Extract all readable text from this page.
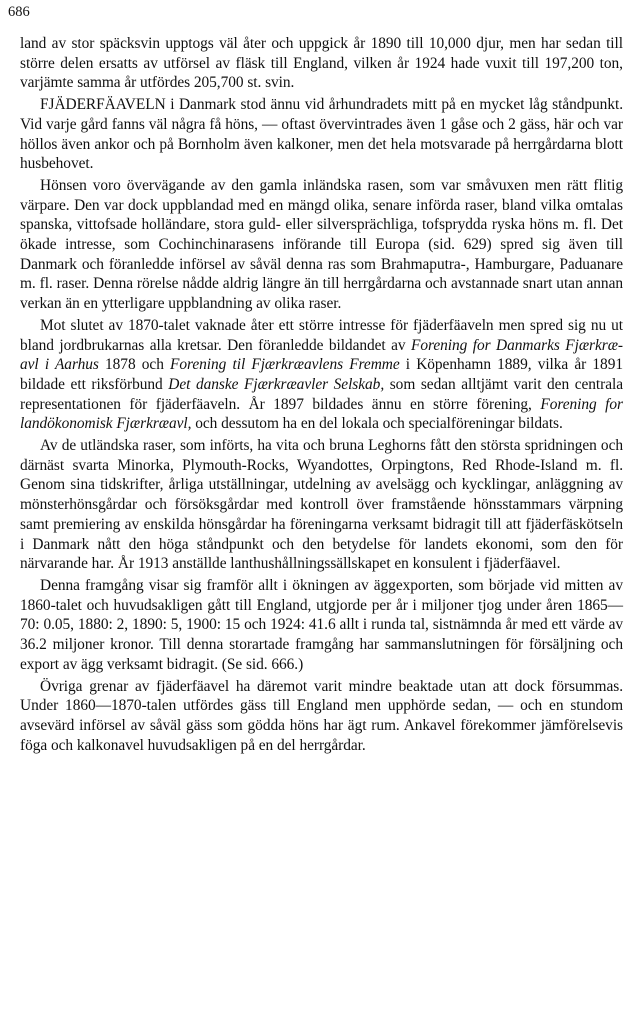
686

land av stor späcksvin upptogs väl åter och uppgick år 1890 till 10,000 djur, men har sedan till större delen ersatts av utförsel av fläsk till England, vilken år 1924 hade vuxit till 197,200 ton, varjämte samma år utfördes 205,700 st. svin.

FJÄDERFÄAVELN i Danmark stod ännu vid århundradets mitt på en mycket låg ståndpunkt. Vid varje gård fanns väl några få höns, — oftast övervintrades även 1 gåse och 2 gäss, här och var höllos även ankor och på Bornholm även kalkoner, men det hela motsvarade på herrgårdarna blott husbehovet.

Hönsen voro övervägande av den gamla inländska rasen, som var småvuxen men rätt flitig värpare. Den var dock uppblandad med en mängd olika, senare införda raser, bland vilka omtalas spanska, vittofsade holländare, stora guld- eller silversprächliga, tofsprydda ryska höns m. fl. Det ökade intresse, som Cochinchinarasens införande till Europa (sid. 629) spred sig även till Danmark och föranledde införsel av såväl denna ras som Brahmaputra-, Hamburgare, Paduanare m. fl. raser. Denna rörelse nådde aldrig längre än till herrgårdarna och avstannade snart utan annan verkan än en ytterligare uppblandning av olika raser.

Mot slutet av 1870-talet vaknade åter ett större intresse för fjäderfäaveln men spred sig nu ut bland jordbrukarnas alla kretsar. Den föranledde bildandet av Forening for Danmarks Fjærkræ-avl i Aarhus 1878 och Forening til Fjærkræavlens Fremme i Köpenhamn 1889, vilka år 1891 bildade ett riksförbund Det danske Fjærkræavler Selskab, som sedan alltjämt varit den centrala representationen för fjäderfäaveln. År 1897 bildades ännu en större förening, Forening for landökonomisk Fjærkræavl, och dessutom ha en del lokala och specialföreningar bildats.

Av de utländska raser, som införts, ha vita och bruna Leghorns fått den största spridningen och därnäst svarta Minorka, Plymouth-Rocks, Wyandottes, Orpingtons, Red Rhode-Island m. fl. Genom sina tidskrifter, årliga utställningar, utdelning av avelsägg och kycklingar, anläggning av mönsterhönsgårdar och försöksgårdar med kontroll över framstående hönsstammars värpning samt premiering av enskilda hönsgårdar ha föreningarna verksamt bidragit till att fjäderfäskötseln i Danmark nått den höga ståndpunkt och den betydelse för landets ekonomi, som den för närvarande har. År 1913 anställde lanthushållningssällskapet en konsulent i fjäderfäavel.

Denna framgång visar sig framför allt i ökningen av äggexporten, som började vid mitten av 1860-talet och huvudsakligen gått till England, utgjorde per år i miljoner tjog under åren 1865—70: 0.05, 1880: 2, 1890: 5, 1900: 15 och 1924: 41.6 allt i runda tal, sistnämnda år med ett värde av 36.2 miljoner kronor. Till denna storartade framgång har sammanslutningen för försäljning och export av ägg verksamt bidragit. (Se sid. 666.)

Övriga grenar av fjäderfäavel ha däremot varit mindre beaktade utan att dock försummas. Under 1860—1870-talen utfördes gäss till England men upphörde sedan, — och en stundom avsevärd införsel av såväl gäss som gödda höns har ägt rum. Ankavel förekommer jämförelsevis föga och kalkonavel huvudsakligen på en del herrgårdar.
